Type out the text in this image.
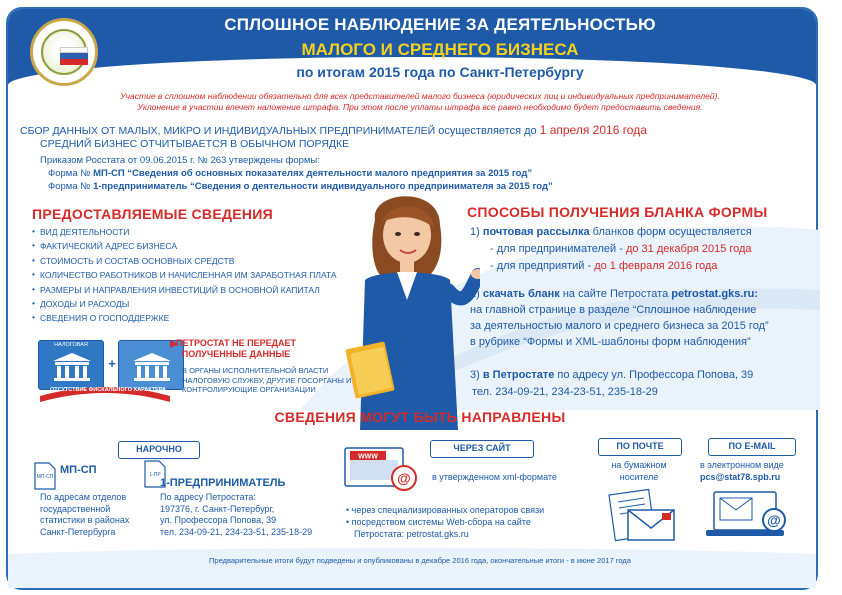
СПЛОШНОЕ НАБЛЮДЕНИЕ ЗА ДЕЯТЕЛЬНОСТЬЮ
МАЛОГО И СРЕДНЕГО БИЗНЕСА
по итогам 2015 года по Санкт-Петербургу
Участие в сплошном наблюдении обязательно для всех представителей малого бизнеса (юридических лиц и индивидуальных предпринимателей).
Уклонение в участии влечет наложение штрафа. При этом после уплаты штрафа все равно необходимо будет предоставить сведения.
СБОР ДАННЫХ ОТ МАЛЫХ, МИКРО И ИНДИВИДУАЛЬНЫХ ПРЕДПРИНИМАТЕЛЕЙ осуществляется до 1 апреля 2016 года
СРЕДНИЙ БИЗНЕС ОТЧИТЫВАЕТСЯ В ОБЫЧНОМ ПОРЯДКЕ
Приказом Росстата от 09.06.2015 г. № 263 утверждены формы:
Форма № МП-СП “Сведения об основных показателях деятельности малого предприятия за 2015 год”
Форма № 1-предприниматель “Сведения о деятельности индивидуального предпринимателя за 2015 год”
ПРЕДОСТАВЛЯЕМЫЕ СВЕДЕНИЯ
• ВИД ДЕЯТЕЛЬНОСТИ
• ФАКТИЧЕСКИЙ АДРЕС БИЗНЕСА
• СТОИМОСТЬ И СОСТАВ ОСНОВНЫХ СРЕДСТВ
• КОЛИЧЕСТВО РАБОТНИКОВ И НАЧИСЛЕННАЯ ИМ ЗАРАБОТНАЯ ПЛАТА
• РАЗМЕРЫ И НАПРАВЛЕНИЯ ИНВЕСТИЦИЙ В ОСНОВНОЙ КАПИТАЛ
• ДОХОДЫ И РАСХОДЫ
• СВЕДЕНИЯ О ГОСПОДДЕРЖКЕ
НАЛОГОВАЯ
+
ОТСУТСТВИЕ ФИСКАЛЬНОГО ХАРАКТЕРА
ПЕТРОСТАТ НЕ ПЕРЕДАЕТ ПОЛУЧЕННЫЕ ДАННЫЕ
В ОРГАНЫ ИСПОЛНИТЕЛЬНОЙ ВЛАСТИ НАЛОГОВУЮ СЛУЖБУ, ДРУГИЕ ГОСОРГАНЫ И КОНТРОЛИРУЮЩИЕ ОРГАНИЗАЦИИ
СПОСОБЫ ПОЛУЧЕНИЯ БЛАНКА ФОРМЫ
1) почтовая рассылка бланков форм осуществляется
- для предпринимателей - до 31 декабря 2015 года
- для предприятий - до 1 февраля 2016 года
2) скачать бланк на сайте Петростата petrostat.gks.ru:
на главной странице в разделе “Сплошное наблюдение
за деятельностью малого и среднего бизнеса за 2015 год”
в рубрике “Формы и XML-шаблоны форм наблюдения”
3) в Петростате по адресу ул. Профессора Попова, 39
тел. 234-09-21, 234-23-51, 235-18-29
СВЕДЕНИЯ МОГУТ БЫТЬ НАПРАВЛЕНЫ
НАРОЧНО
МП-СП
МП-СП
По адресам отделов
государственной
статистики в районах
Санкт-Петербурга
1-ПР
1-ПРЕДПРИНИМАТЕЛЬ
По адресу Петростата:
197376, г. Санкт-Петербург,
ул. Профессора Попова, 39
тел. 234-09-21, 234-23-51, 235-18-29
ЧЕРЕЗ САЙТ
WWW
@ в утвержденном xml-формате
• через специализированных операторов связи
• посредством системы Web-сбора на сайте
Петростата: petrostat.gks.ru
ПО ПОЧТЕ
на бумажном
носителе
ПО E-MAIL
в электронном виде
pcs@stat78.spb.ru
@
Предварительные итоги будут подведены и опубликованы в декабре 2016 года, окончательные итоги - в июне 2017 года
